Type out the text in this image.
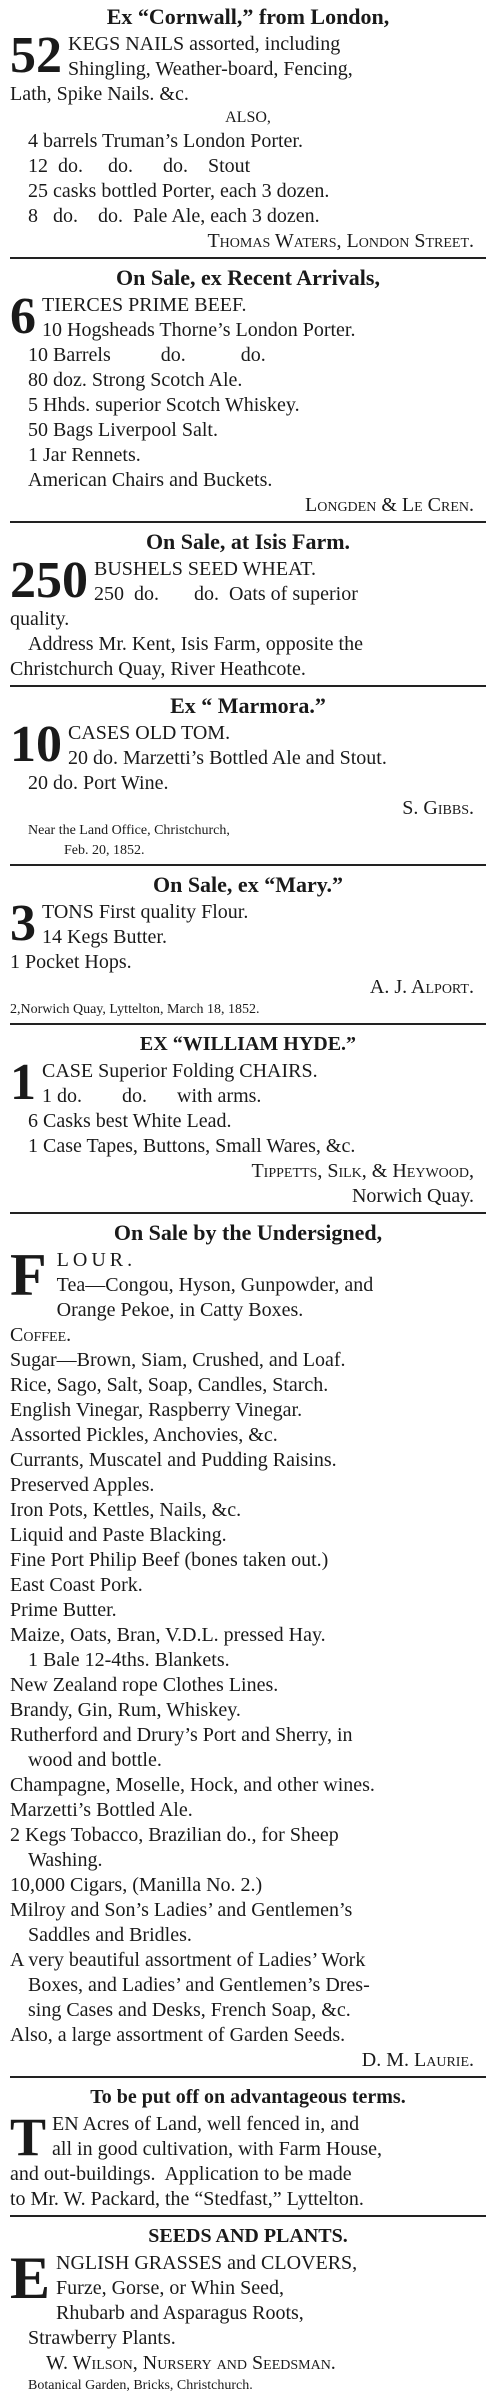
Ex “Cornwall,” from London,
52 KEGS NAILS assorted, including
Shingling, Weather-board, Fencing,
Lath, Spike Nails. &c.
ALSO,
4 barrels Truman’s London Porter.
12  do.     do.      do.    Stout
25 casks bottled Porter, each 3 dozen.
8   do.    do.  Pale Ale, each 3 dozen.
Thomas Waters, London Street.
On Sale, ex Recent Arrivals,
6 TIERCES PRIME BEEF.
10 Hogsheads Thorne’s London Porter.
10 Barrels          do.           do.
80 doz. Strong Scotch Ale.
5 Hhds. superior Scotch Whiskey.
50 Bags Liverpool Salt.
1 Jar Rennets.
American Chairs and Buckets.
Longden & Le Cren.
On Sale, at Isis Farm.
250 BUSHELS SEED WHEAT.
250  do.       do.  Oats of superior
quality.
Address Mr. Kent, Isis Farm, opposite the
Christchurch Quay, River Heathcote.
Ex “ Marmora.”
10 CASES OLD TOM.
20 do. Marzetti’s Bottled Ale and Stout.
20 do. Port Wine.
S. Gibbs.
Near the Land Office, Christchurch,
Feb. 20, 1852.
On Sale, ex “Mary.”
3 TONS First quality Flour.
14 Kegs Butter.
1 Pocket Hops.
A. J. Alport.
2,Norwich Quay, Lyttelton, March 18, 1852.
EX “WILLIAM HYDE.”
1 CASE Superior Folding CHAIRS.
1 do.        do.      with arms.
6 Casks best White Lead.
1 Case Tapes, Buttons, Small Wares, &c.
Tippetts, Silk, & Heywood,
Norwich Quay.
On Sale by the Undersigned,
FLOUR.
Tea—Congou, Hyson, Gunpowder, and
Orange Pekoe, in Catty Boxes.
Coffee.
Sugar—Brown, Siam, Crushed, and Loaf.
Rice, Sago, Salt, Soap, Candles, Starch.
English Vinegar, Raspberry Vinegar.
Assorted Pickles, Anchovies, &c.
Currants, Muscatel and Pudding Raisins.
Preserved Apples.
Iron Pots, Kettles, Nails, &c.
Liquid and Paste Blacking.
Fine Port Philip Beef (bones taken out.)
East Coast Pork.
Prime Butter.
Maize, Oats, Bran, V.D.L. pressed Hay.
1 Bale 12-4ths. Blankets.
New Zealand rope Clothes Lines.
Brandy, Gin, Rum, Whiskey.
Rutherford and Drury’s Port and Sherry, in
wood and bottle.
Champagne, Moselle, Hock, and other wines.
Marzetti’s Bottled Ale.
2 Kegs Tobacco, Brazilian do., for Sheep
Washing.
10,000 Cigars, (Manilla No. 2.)
Milroy and Son’s Ladies’ and Gentlemen’s
Saddles and Bridles.
A very beautiful assortment of Ladies’ Work
Boxes, and Ladies’ and Gentlemen’s Dres-
sing Cases and Desks, French Soap, &c.
Also, a large assortment of Garden Seeds.
D. M. Laurie.
To be put off on advantageous terms.
TEN Acres of Land, well fenced in, and
all in good cultivation, with Farm House,
and out-buildings.  Application to be made
to Mr. W. Packard, the “Stedfast,” Lyttelton.
SEEDS AND PLANTS.
ENGLISH GRASSES and CLOVERS,
Furze, Gorse, or Whin Seed,
Rhubarb and Asparagus Roots,
Strawberry Plants.
W. Wilson, Nursery and Seedsman.
Botanical Garden, Bricks, Christchurch.
